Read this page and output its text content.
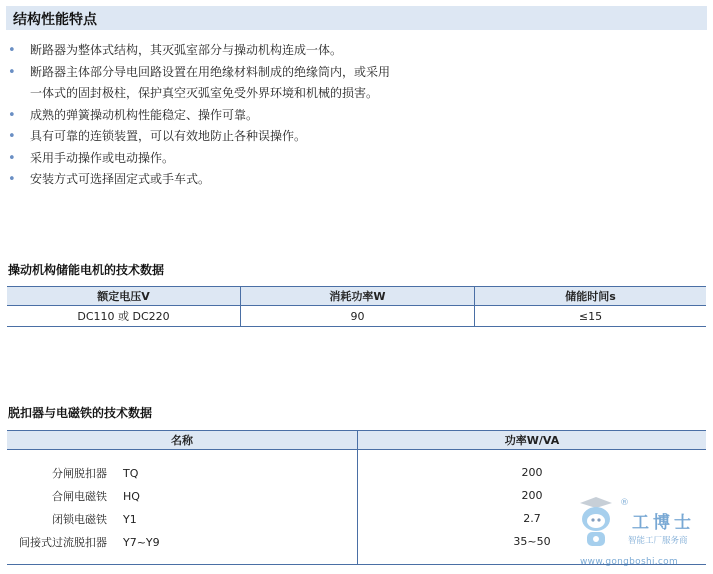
结构性能特点
• 断路器为整体式结构，其灭弧室部分与操动机构连成一体。
• 断路器主体部分导电回路设置在用绝缘材料制成的绝缘筒内，或采用
一体式的固封极柱，保护真空灭弧室免受外界环境和机械的损害。
• 成熟的弹簧操动机构性能稳定、操作可靠。
• 具有可靠的连锁装置，可以有效地防止各种误操作。
• 采用手动操作或电动操作。
• 安装方式可选择固定式或手车式。
操动机构储能电机的技术数据
额定电压V	消耗功率W	储能时间s
DC110 或 DC220	90	≤15
脱扣器与电磁铁的技术数据
名称	功率W/VA

分闸脱扣器 TQ	200
合闸电磁铁 HQ	200
闭锁电磁铁 Y1	2.7
间接式过流脱扣器 Y7~Y9	35~50

®
工博士
智能工厂服务商
www.gongboshi.com
